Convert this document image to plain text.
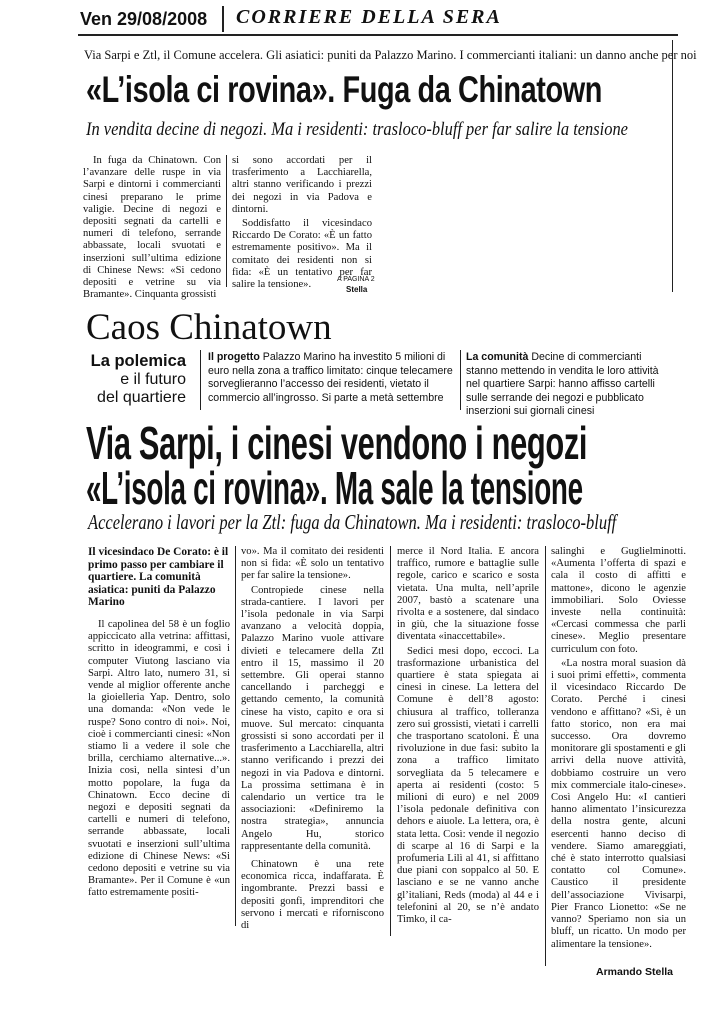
Ven 29/08/2008 CORRIERE DELLA SERA
Via Sarpi e Ztl, il Comune accelera. Gli asiatici: puniti da Palazzo Marino. I commercianti italiani: un danno anche per noi
«L’isola ci rovina». Fuga da Chinatown
In vendita decine di negozi. Ma i residenti: trasloco-bluff per far salire la tensione

In fuga da Chinatown. Con l’avanzare delle ruspe in via Sarpi e dintorni i commercianti cinesi preparano le prime valigie. Decine di negozi e depositi segnati da cartelli e numeri di telefono, serrande abbassate, locali svuotati e inserzioni sull’ultima edizione di Chinese News: «Si cedono depositi e vetrine su via Bramante». Cinquanta grossisti

si sono accordati per il trasferimento a Lacchiarella, altri stanno verificando i prezzi dei negozi in via Padova e dintorni.

Soddisfatto il vicesindaco Riccardo De Corato: «È un fatto estremamente positivo». Ma il comitato dei residenti non si fida: «È un tentativo per far salire la tensione».	A PAGINA 2
Stella
Caos Chinatown
La polemica
e il futuro
del quartiere
Il progetto Palazzo Marino ha investito 5 milioni di euro nella zona a traffico limitato: cinque telecamere sorveglieranno l’accesso dei residenti, vietato il commercio all’ingrosso. Si parte a metà settembre
La comunità Decine di commercianti stanno mettendo in vendita le loro attività nel quartiere Sarpi: hanno affisso cartelli sulle serrande dei negozi e pubblicato inserzioni sui giornali cinesi
Via Sarpi, i cinesi vendono i negozi
«L’isola ci rovina». Ma sale la tensione
Accelerano i lavori per la Ztl: fuga da Chinatown. Ma i residenti: trasloco-bluff

Il vicesindaco De Corato: è il primo passo per cambiare il quartiere. La comunità asiatica: puniti da Palazzo Marino

Il capolinea del 58 è un foglio appiccicato alla vetrina: affittasi, scritto in ideogrammi, e così i computer Viutong lasciano via Sarpi. Altro lato, numero 31, si vende al miglior offerente anche la gioielleria Yap. Dentro, solo una domanda: «Non vede le ruspe? Sono contro di noi». Noi, cioè i commercianti cinesi: «Non stiamo lì a vedere il sole che brilla, cerchiamo alternative...». Inizia così, nella sintesi d’un motto popolare, la fuga da Chinatown. Ecco decine di negozi e depositi segnati da cartelli e numeri di telefono, serrande abbassate, locali svuotati e inserzioni sull’ultima edizione di Chinese News: «Si cedono depositi e vetrine su via Bramante». Per il Comune è «un fatto estremamente positi-

vo». Ma il comitato dei residenti non si fida: «È solo un tentativo per far salire la tensione».

Contropiede cinese nella strada-cantiere. I lavori per l’isola pedonale in via Sarpi avanzano a velocità doppia, Palazzo Marino vuole attivare divieti e telecamere della Ztl entro il 15, massimo il 20 settembre. Gli operai stanno cancellando i parcheggi e gettando cemento, la comunità cinese ha visto, capito e ora si muove. Sul mercato: cinquanta grossisti si sono accordati per il trasferimento a Lacchiarella, altri stanno verificando i prezzi dei negozi in via Padova e dintorni. La prossima settimana è in calendario un vertice tra le associazioni: «Definiremo la nostra strategia», annuncia Angelo Hu, storico rappresentante della comunità.

Chinatown è una rete economica ricca, indaffarata. È ingombrante. Prezzi bassi e depositi gonfi, imprenditori che servono i mercati e riforniscono di

merce il Nord Italia. E ancora traffico, rumore e battaglie sulle regole, carico e scarico e sosta vietata. Una multa, nell’aprile 2007, bastò a scatenare una rivolta e a sostenere, dal sindaco in giù, che la situazione fosse diventata «inaccettabile».

Sedici mesi dopo, eccoci. La trasformazione urbanistica del quartiere è stata spiegata ai cinesi in cinese. La lettera del Comune è dell’8 agosto: chiusura al traffico, tolleranza zero sui grossisti, vietati i carrelli che trasportano scatoloni. È una rivoluzione in due fasi: subito la zona a traffico limitato sorvegliata da 5 telecamere e aperta ai residenti (costo: 5 milioni di euro) e nel 2009 l’isola pedonale definitiva con dehors e aiuole. La lettera, ora, è stata letta. Così: vende il negozio di scarpe al 16 di Sarpi e la profumeria Lilì al 41, si affittano due piani con soppalco al 50. E lasciano e se ne vanno anche gl’italiani, Reds (moda) al 44 e i telefonini al 20, se n’è andato Timko, il ca-

salinghi e Guglielminotti. «Aumenta l’offerta di spazi e cala il costo di affitti e mattone», dicono le agenzie immobiliari. Solo Oviesse investe nella continuità: «Cercasi commessa che parli cinese». Meglio presentare curriculum con foto.

«La nostra moral suasion dà i suoi primi effetti», commenta il vicesindaco Riccardo De Corato. Perché i cinesi vendono e affittano? «Sì, è un fatto storico, non era mai successo. Ora dovremo monitorare gli spostamenti e gli arrivi della nuove attività, dobbiamo costruire un vero mix commerciale italo-cinese». Così Angelo Hu: «I cantieri hanno alimentato l’insicurezza della nostra gente, alcuni esercenti hanno deciso di vendere. Siamo amareggiati, ché è stato interrotto qualsiasi contatto col Comune». Caustico il presidente dell’associazione Vivisarpi, Pier Franco Lionetto: «Se ne vanno? Speriamo non sia un bluff, un ricatto. Un modo per alimentare la tensione».

Armando Stella
